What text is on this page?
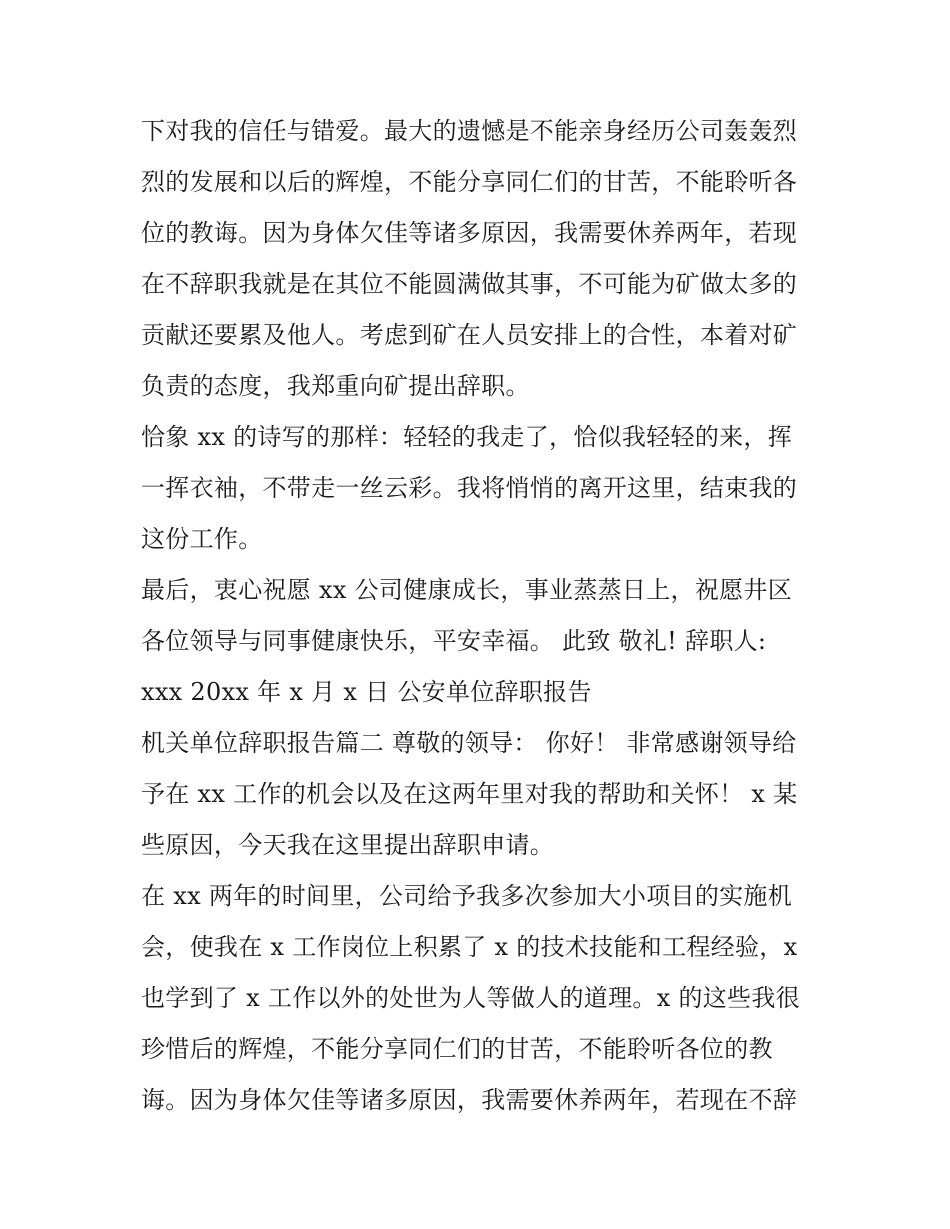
下对我的信任与错爱。最大的遗憾是不能亲身经历公司轰轰烈
烈的发展和以后的辉煌，不能分享同仁们的甘苦，不能聆听各
位的教诲。因为身体欠佳等诸多原因，我需要休养两年，若现
在不辞职我就是在其位不能圆满做其事，不可能为矿做太多的
贡献还要累及他人。考虑到矿在人员安排上的合性，本着对矿
负责的态度，我郑重向矿提出辞职。
恰象 xx 的诗写的那样：轻轻的我走了，恰似我轻轻的来，挥
一挥衣袖，不带走一丝云彩。我将悄悄的离开这里，结束我的
这份工作。
最后，衷心祝愿 xx 公司健康成长，事业蒸蒸日上，祝愿井区
各位领导与同事健康快乐，平安幸福。 此致 敬礼! 辞职人:
xxx 20xx 年 x 月 x 日 公安单位辞职报告
机关单位辞职报告篇二 尊敬的领导： 你好！ 非常感谢领导给
予在 xx 工作的机会以及在这两年里对我的帮助和关怀！ x 某
些原因，今天我在这里提出辞职申请。
在 xx 两年的时间里，公司给予我多次参加大小项目的实施机
会，使我在 x 工作岗位上积累了 x 的技术技能和工程经验，x
也学到了 x 工作以外的处世为人等做人的道理。x 的这些我很
珍惜后的辉煌，不能分享同仁们的甘苦，不能聆听各位的教
诲。因为身体欠佳等诸多原因，我需要休养两年，若现在不辞
